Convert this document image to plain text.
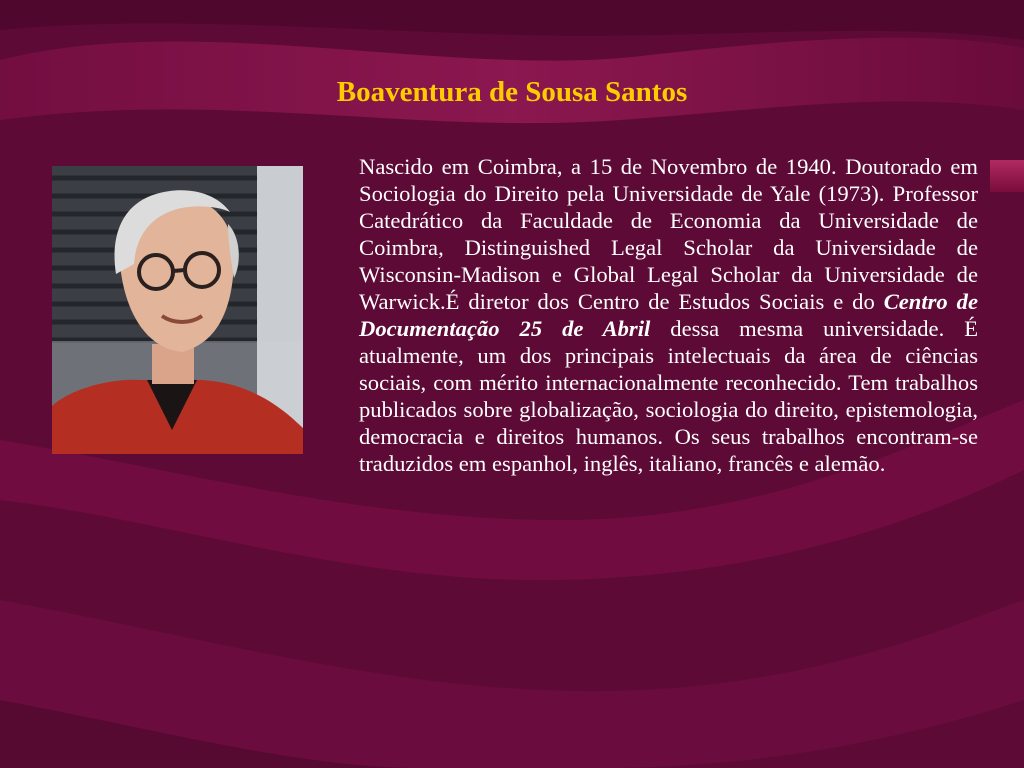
Boaventura de Sousa Santos

Nascido em Coimbra, a 15 de Novembro de 1940. Doutorado em Sociologia do Direito pela Universidade de Yale (1973). Professor Catedrático da Faculdade de Economia da Universidade de Coimbra, Distinguished Legal Scholar da Universidade de Wisconsin-Madison e Global Legal Scholar da Universidade de Warwick.É diretor dos Centro de Estudos Sociais e do Centro de Documentação 25 de Abril dessa mesma universidade. É atualmente, um dos principais intelectuais da área de ciências sociais, com mérito internacionalmente reconhecido. Tem trabalhos publicados sobre globalização, sociologia do direito, epistemologia, democracia e direitos humanos. Os seus trabalhos encontram-se traduzidos em espanhol, inglês, italiano, francês e alemão.
